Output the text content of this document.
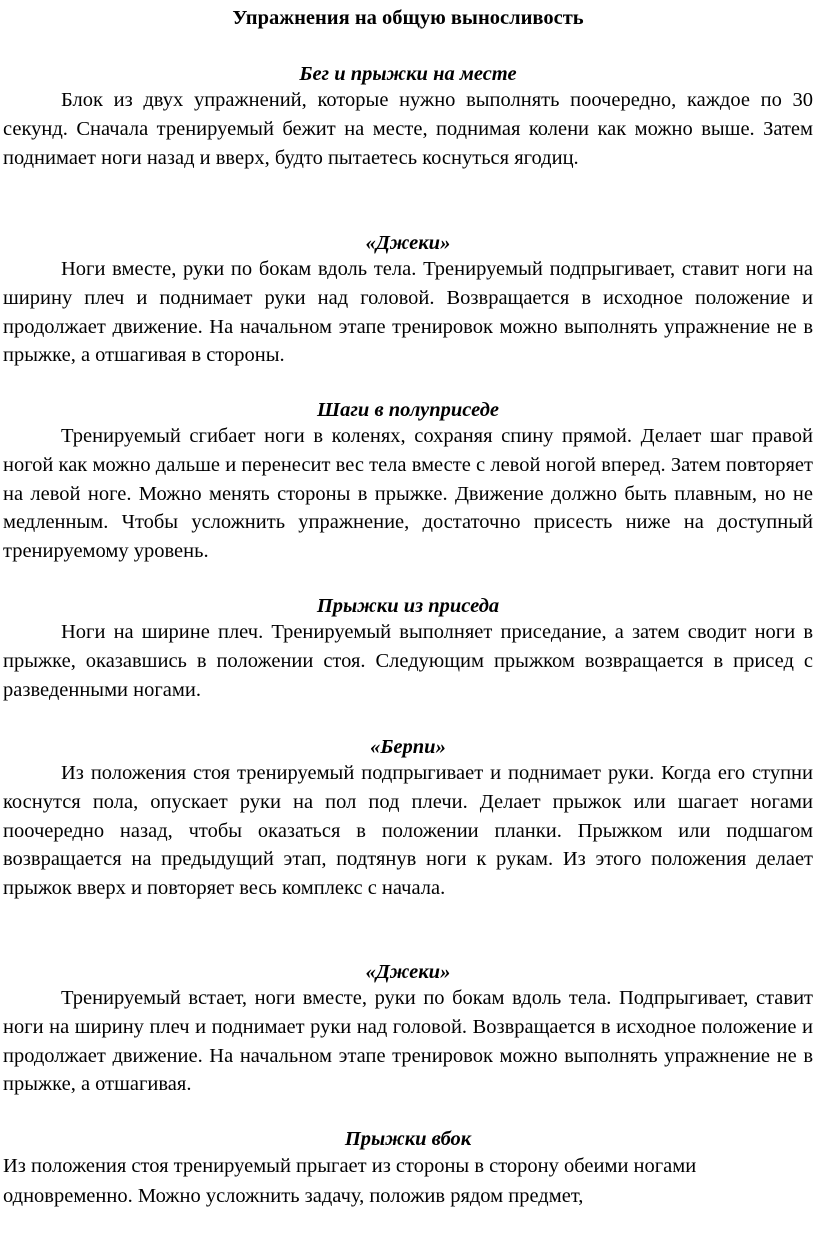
Упражнения на общую выносливость
Бег и прыжки на месте

Блок из двух упражнений, которые нужно выполнять поочередно, каждое по 30 секунд. Сначала тренируемый бежит на месте, поднимая колени как можно выше. Затем поднимает ноги назад и вверх, будто пытаетесь коснуться ягодиц.

«Джеки»

Ноги вместе, руки по бокам вдоль тела. Тренируемый подпрыгивает, ставит ноги на ширину плеч и поднимает руки над головой. Возвращается в исходное положение и продолжает движение. На начальном этапе тренировок можно выполнять упражнение не в прыжке, а отшагивая в стороны.

Шаги в полуприседе

Тренируемый сгибает ноги в коленях, сохраняя спину прямой. Делает шаг правой ногой как можно дальше и перенесит вес тела вместе с левой ногой вперед. Затем повторяет на левой ноге. Можно менять стороны в прыжке. Движение должно быть плавным, но не медленным. Чтобы усложнить упражнение, достаточно присесть ниже на доступный тренируемому уровень.

Прыжки из приседа

Ноги на ширине плеч. Тренируемый выполняет приседание, а затем сводит ноги в прыжке, оказавшись в положении стоя. Следующим прыжком возвращается в присед с разведенными ногами.

«Берпи»

Из положения стоя тренируемый подпрыгивает и поднимает руки. Когда его ступни коснутся пола, опускает руки на пол под плечи. Делает прыжок или шагает ногами поочередно назад, чтобы оказаться в положении планки. Прыжком или подшагом возвращается на предыдущий этап, подтянув ноги к рукам. Из этого положения делает прыжок вверх и повторяет весь комплекс с начала.

«Джеки»

Тренируемый встает, ноги вместе, руки по бокам вдоль тела. Подпрыгивает, ставит ноги на ширину плеч и поднимает руки над головой. Возвращается в исходное положение и продолжает движение. На начальном этапе тренировок можно выполнять упражнение не в прыжке, а отшагивая.

Прыжки вбок

Из положения стоя тренируемый прыгает из стороны в сторону обеими ногами одновременно. Можно усложнить задачу, положив рядом предмет,
